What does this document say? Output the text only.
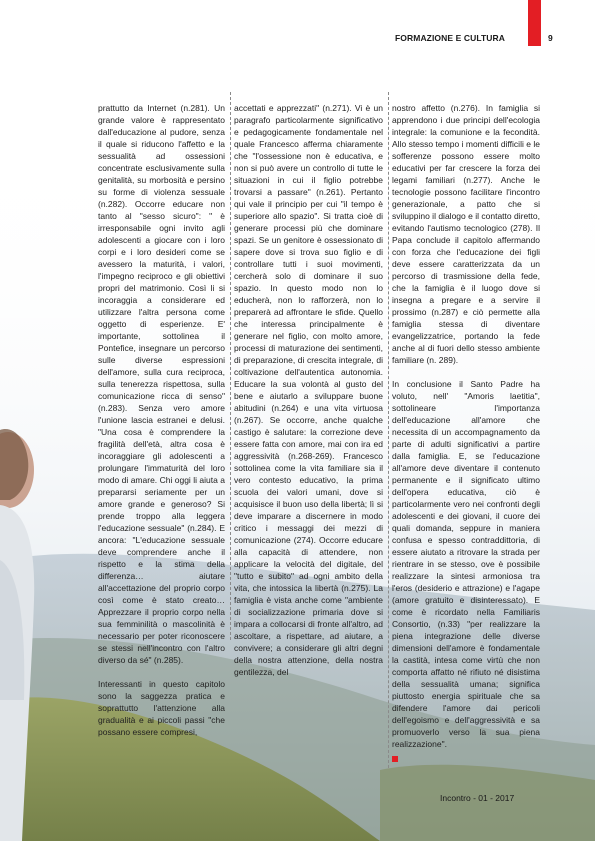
FORMAZIONE E CULTURA	9

prattutto da Internet (n.281). Un grande valore è rappresentato dall'educazione al pudore, senza il quale si riducono l'affetto e la sessualità ad ossessioni concentrate esclusivamente sulla genitalità, su morbosità e persino su forme di violenza sessuale (n.282). Occorre educare non tanto al "sesso sicuro": " è irresponsabile ogni invito agli adolescenti a giocare con i loro corpi e i loro desideri come se avessero la maturità, i valori, l'impegno reciproco e gli obiettivi propri del matrimonio. Così li si incoraggia a considerare ed utilizzare l'altra persona come oggetto di esperienze. E' importante, sottolinea il Pontefice, insegnare un percorso sulle diverse espressioni dell'amore, sulla cura reciproca, sulla tenerezza rispettosa, sulla comunicazione ricca di senso" (n.283). Senza vero amore l'unione lascia estranei e delusi. "Una cosa è comprendere la fragilità dell'età, altra cosa è incoraggiare gli adolescenti a prolungare l'immaturità del loro modo di amare. Chi oggi li aiuta a prepararsi seriamente per un amore grande e generoso? Si prende troppo alla leggera l'educazione sessuale" (n.284). E ancora: "L'educazione sessuale deve comprendere anche il rispetto e la stima della differenza… aiutare all'accettazione del proprio corpo così come è stato creato… Apprezzare il proprio corpo nella sua femminilità o mascolinità è necessario per poter riconoscere se stessi nell'incontro con l'altro diverso da sé" (n.285).

Interessanti in questo capitolo sono la saggezza pratica e soprattutto l'attenzione alla gradualità e ai piccoli passi "che possano essere compresi,

accettati e apprezzati" (n.271). Vi è un paragrafo particolarmente significativo e pedagogicamente fondamentale nel quale Francesco afferma chiaramente che "l'ossessione non è educativa, e non si può avere un controllo di tutte le situazioni in cui il figlio potrebbe trovarsi a passare" (n.261). Pertanto qui vale il principio per cui "il tempo è superiore allo spazio". Si tratta cioè di generare processi più che dominare spazi. Se un genitore è ossessionato di sapere dove si trova suo figlio e di controllare tutti i suoi movimenti, cercherà solo di dominare il suo spazio. In questo modo non lo educherà, non lo rafforzerà, non lo preparerà ad affrontare le sfide. Quello che interessa principalmente è generare nel figlio, con molto amore, processi di maturazione dei sentimenti, di preparazione, di crescita integrale, di coltivazione dell'autentica autonomia. Educare la sua volontà al gusto del bene e aiutarlo a sviluppare buone abitudini (n.264) e una vita virtuosa (n.267). Se occorre, anche qualche castigo è salutare: la correzione deve essere fatta con amore, mai con ira ed aggressività (n.268-269). Francesco sottolinea come la vita familiare sia il vero contesto educativo, la prima scuola dei valori umani, dove si acquisisce il buon uso della libertà; lì si deve imparare a discernere in modo critico i messaggi dei mezzi di comunicazione (274). Occorre educare alla capacità di attendere, non applicare la velocità del digitale, del "tutto e subito" ad ogni ambito della vita, che intossica la libertà (n.275). La famiglia è vista anche come "ambiente di socializzazione primaria dove si impara a collocarsi di fronte all'altro, ad ascoltare, a rispettare, ad aiutare, a convivere; a considerare gli altri degni della nostra attenzione, della nostra gentilezza, del

nostro affetto (n.276). In famiglia si apprendono i due principi dell'ecologia integrale: la comunione e la fecondità. Allo stesso tempo i momenti difficili e le sofferenze possono essere molto educativi per far crescere la forza dei legami familiari (n.277). Anche le tecnologie possono facilitare l'incontro generazionale, a patto che si sviluppino il dialogo e il contatto diretto, evitando l'autismo tecnologico (278). Il Papa conclude il capitolo affermando con forza che l'educazione dei figli deve essere caratterizzata da un percorso di trasmissione della fede, che la famiglia è il luogo dove si insegna a pregare e a servire il prossimo (n.287) e ciò permette alla famiglia stessa di diventare evangelizzatrice, portando la fede anche al di fuori dello stesso ambiente familiare (n. 289).

In conclusione il Santo Padre ha voluto, nell' "Amoris laetitia", sottolineare l'importanza dell'educazione all'amore che necessita di un accompagnamento da parte di adulti significativi a partire dalla famiglia. E, se l'educazione all'amore deve diventare il contenuto permanente e il significato ultimo dell'opera educativa, ciò è particolarmente vero nei confronti degli adolescenti e dei giovani, il cuore dei quali domanda, seppure in maniera confusa e spesso contraddittoria, di essere aiutato a ritrovare la strada per rientrare in se stesso, ove è possibile realizzare la sintesi armoniosa tra l'eros (desiderio e attrazione) e l'agape (amore gratuito e disinteressato). E come è ricordato nella Familiaris Consortio, (n.33) "per realizzare la piena integrazione delle diverse dimensioni dell'amore è fondamentale la castità, intesa come virtù che non comporta affatto né rifiuto né disistima della sessualità umana; significa piuttosto energia spirituale che sa difendere l'amore dai pericoli dell'egoismo e dell'aggressività e sa promuoverlo verso la sua piena realizzazione".

Incontro - 01 - 2017
